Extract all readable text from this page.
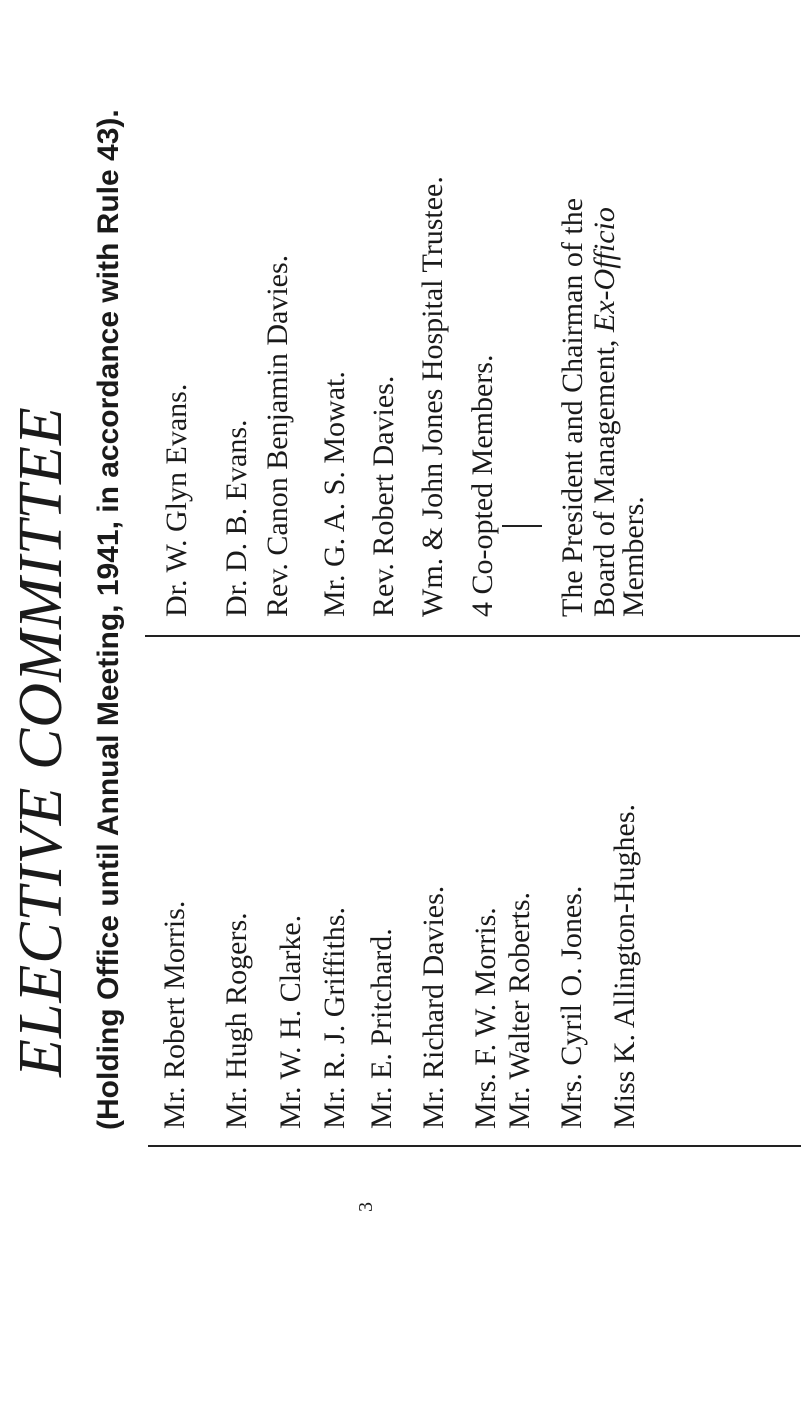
ELECTIVE COMMITTEE (Holding Office until Annual Meeting, 1941, in accordance with Rule 43). Mr. Robert Morris. Mr. Hugh Rogers. Mr. W. H. Clarke. Mr. R. J. Griffiths. Mr. E. Pritchard. Mr. Richard Davies. Mrs. F. W. Morris. Mr. Walter Roberts. Mrs. Cyril O. Jones. Miss K. Allington-Hughes.
Dr. W. Glyn Evans. Dr. D. B. Evans. Rev. Canon Benjamin Davies. Mr. G. A. S. Mowat. Rev. Robert Davies. Wm. & John Jones Hospital Trustee. 4 Co-opted Members. The President and Chairman of the Board of Management, Ex-Officio
Members.
3
